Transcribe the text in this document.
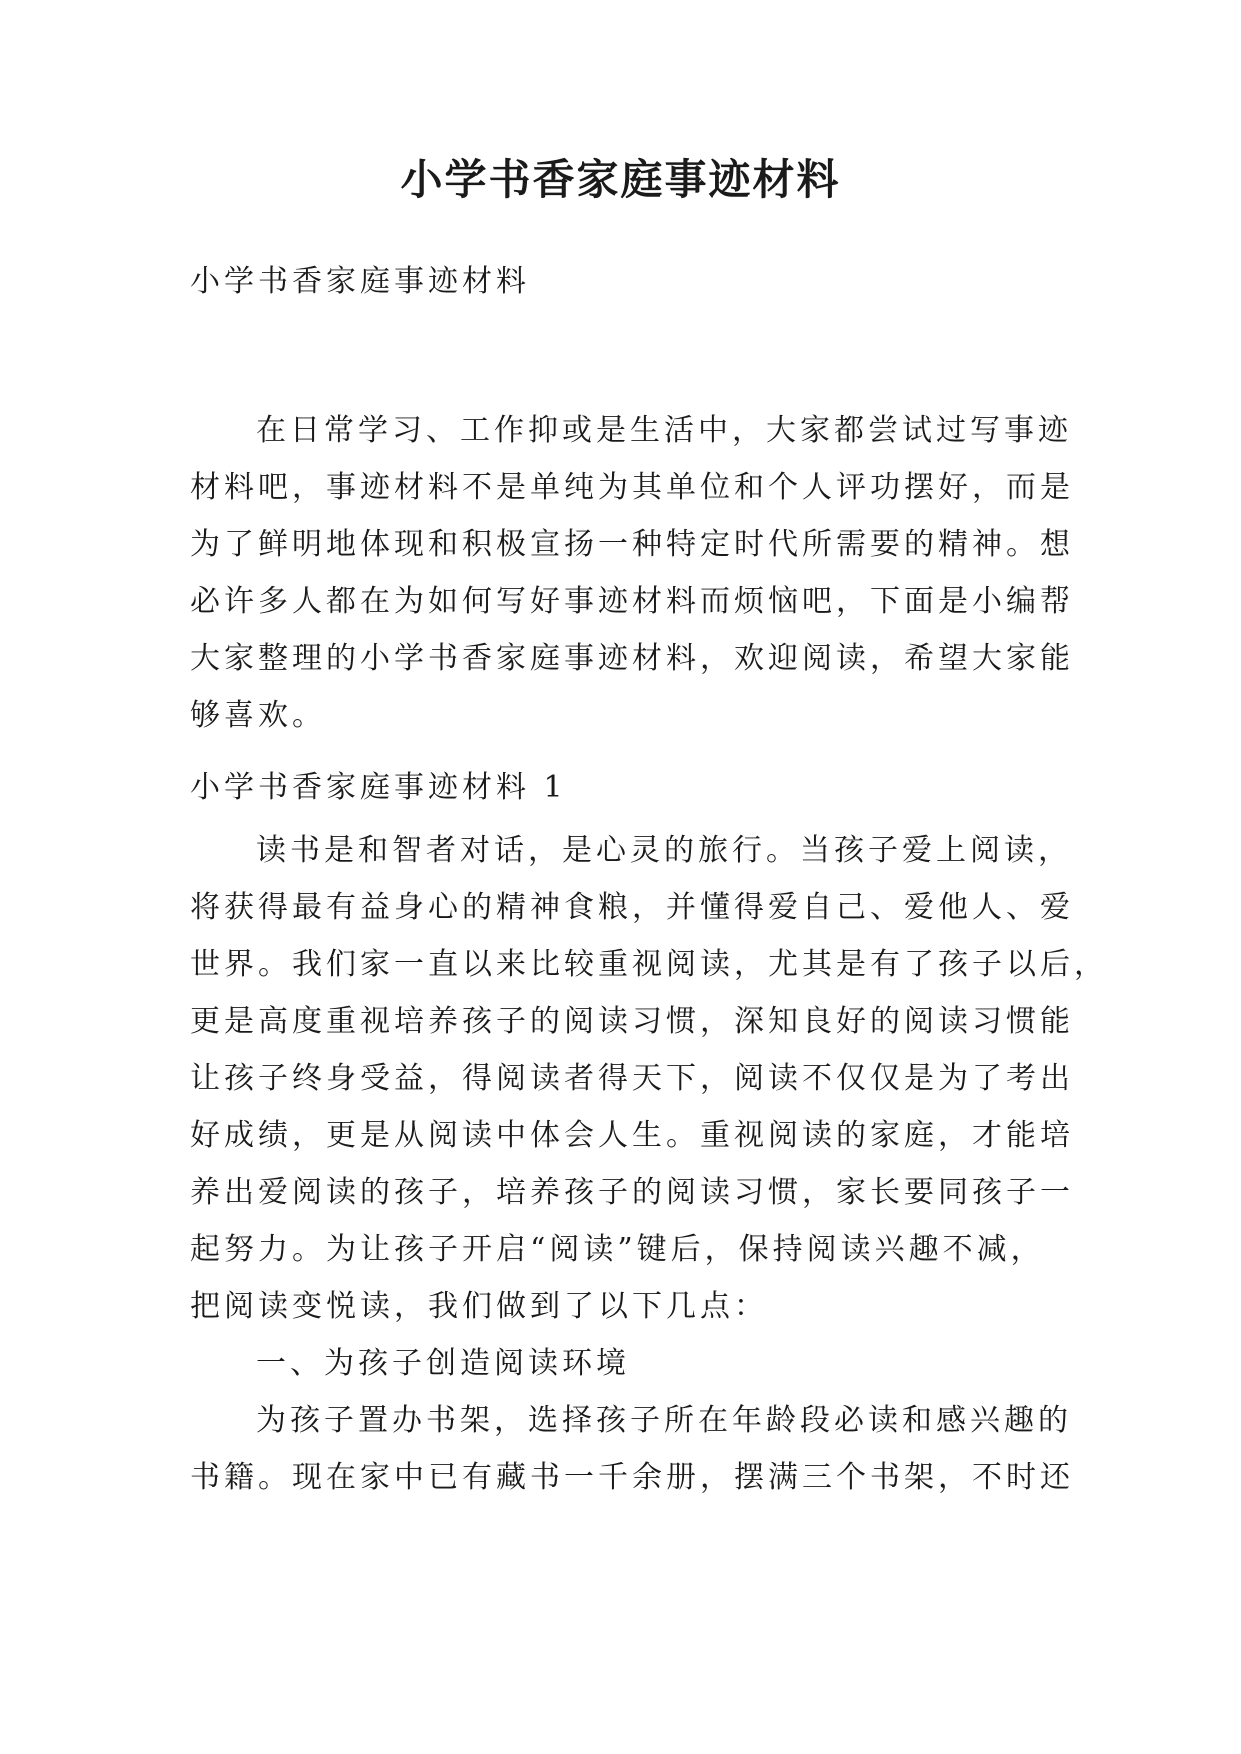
小学书香家庭事迹材料
小学书香家庭事迹材料
在日常学习、工作抑或是生活中，大家都尝试过写事迹
材料吧，事迹材料不是单纯为其单位和个人评功摆好，而是
为了鲜明地体现和积极宣扬一种特定时代所需要的精神。想
必许多人都在为如何写好事迹材料而烦恼吧，下面是小编帮
大家整理的小学书香家庭事迹材料，欢迎阅读，希望大家能
够喜欢。
小学书香家庭事迹材料 1
读书是和智者对话，是心灵的旅行。当孩子爱上阅读，
将获得最有益身心的精神食粮，并懂得爱自己、爱他人、爱
世界。我们家一直以来比较重视阅读，尤其是有了孩子以后，
更是高度重视培养孩子的阅读习惯，深知良好的阅读习惯能
让孩子终身受益，得阅读者得天下，阅读不仅仅是为了考出
好成绩，更是从阅读中体会人生。重视阅读的家庭，才能培
养出爱阅读的孩子，培养孩子的阅读习惯，家长要同孩子一
起努力。为让孩子开启“阅读”键后，保持阅读兴趣不减，
把阅读变悦读，我们做到了以下几点：
一、为孩子创造阅读环境
为孩子置办书架，选择孩子所在年龄段必读和感兴趣的
书籍。现在家中已有藏书一千余册，摆满三个书架，不时还
